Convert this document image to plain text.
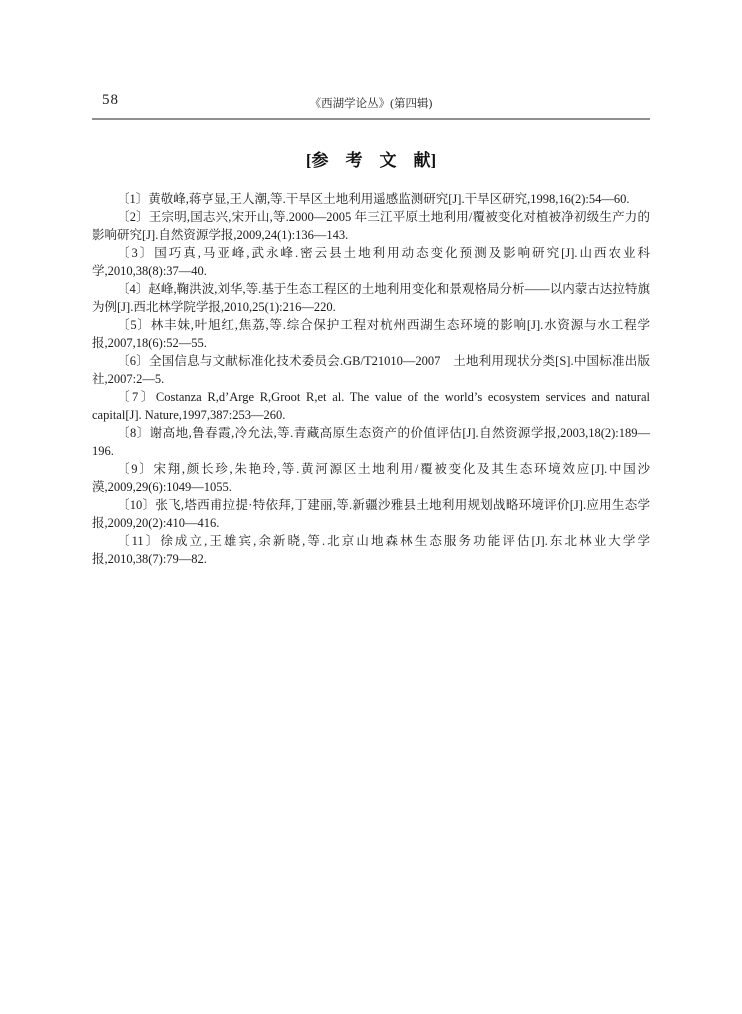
58	《西湖学论丛》(第四辑)
[参　考　文　献]

〔1〕黄敬峰,蒋亨显,王人潮,等.干旱区土地利用遥感监测研究[J].干旱区研究,1998,16(2):54—60.

〔2〕王宗明,国志兴,宋开山,等.2000—2005 年三江平原土地利用/覆被变化对植被净初级生产力的影响研究[J].自然资源学报,2009,24(1):136—143.

〔3〕国巧真,马亚峰,武永峰.密云县土地利用动态变化预测及影响研究[J].山西农业科学,2010,38(8):37—40.

〔4〕赵峰,鞠洪波,刘华,等.基于生态工程区的土地利用变化和景观格局分析——以内蒙古达拉特旗为例[J].西北林学院学报,2010,25(1):216—220.

〔5〕林丰妹,叶旭红,焦荔,等.综合保护工程对杭州西湖生态环境的影响[J].水资源与水工程学报,2007,18(6):52—55.

〔6〕全国信息与文献标准化技术委员会.GB/T21010—2007　土地利用现状分类[S].中国标准出版社,2007:2—5.

〔7〕Costanza R,d’Arge R,Groot R,et al. The value of the world’s ecosystem services and natural capital[J]. Nature,1997,387:253—260.

〔8〕谢高地,鲁春霞,冷允法,等.青藏高原生态资产的价值评估[J].自然资源学报,2003,18(2):189—196.

〔9〕宋翔,颜长珍,朱艳玲,等.黄河源区土地利用/覆被变化及其生态环境效应[J].中国沙漠,2009,29(6):1049—1055.

〔10〕张飞,塔西甫拉提·特依拜,丁建丽,等.新疆沙雅县土地利用规划战略环境评价[J].应用生态学报,2009,20(2):410—416.

〔11〕徐成立,王雄宾,余新晓,等.北京山地森林生态服务功能评估[J].东北林业大学学报,2010,38(7):79—82.
